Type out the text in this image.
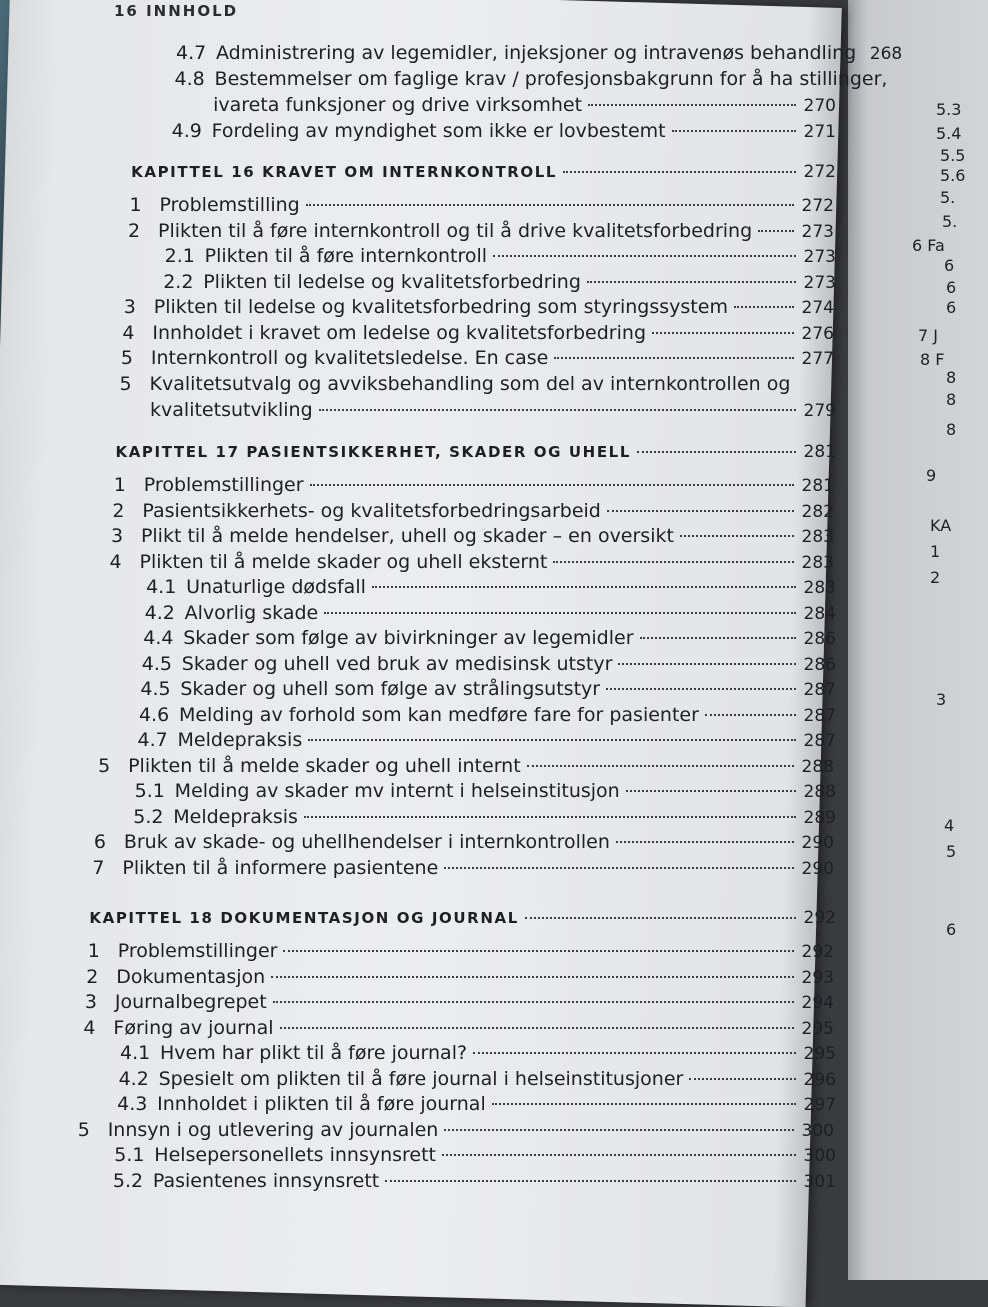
16 INNHOLD
4.7 Administrering av legemidler, injeksjoner og intravenøs behandling 268
4.8 Bestemmelser om faglige krav / profesjonsbakgrunn for å ha stillinger,
ivareta funksjoner og drive virksomhet	270
4.9 Fordeling av myndighet som ikke er lovbestemt	271
KAPITTEL 16 KRAVET OM INTERNKONTROLL	272
1 Problemstilling	272
2 Plikten til å føre internkontroll og til å drive kvalitetsforbedring	273
2.1 Plikten til å føre internkontroll	273
2.2 Plikten til ledelse og kvalitetsforbedring	273
3 Plikten til ledelse og kvalitetsforbedring som styringssystem	274
4 Innholdet i kravet om ledelse og kvalitetsforbedring	276
5 Internkontroll og kvalitetsledelse. En case	277
5 Kvalitetsutvalg og avviksbehandling som del av internkontrollen og
kvalitetsutvikling	279
KAPITTEL 17 PASIENTSIKKERHET, SKADER OG UHELL	281
1 Problemstillinger	281
2 Pasientsikkerhets- og kvalitetsforbedringsarbeid	282
3 Plikt til å melde hendelser, uhell og skader – en oversikt	283
4 Plikten til å melde skader og uhell eksternt	283
4.1 Unaturlige dødsfall	283
4.2 Alvorlig skade	284
4.4 Skader som følge av bivirkninger av legemidler	286
4.5 Skader og uhell ved bruk av medisinsk utstyr	286
4.5 Skader og uhell som følge av strålingsutstyr	287
4.6 Melding av forhold som kan medføre fare for pasienter	287
4.7 Meldepraksis	287
5 Plikten til å melde skader og uhell internt	288
5.1 Melding av skader mv internt i helseinstitusjon	288
5.2 Meldepraksis	289
6 Bruk av skade- og uhellhendelser i internkontrollen	290
7 Plikten til å informere pasientene	290
KAPITTEL 18 DOKUMENTASJON OG JOURNAL	292
1 Problemstillinger	292
2 Dokumentasjon	293
3 Journalbegrepet	294
4 Føring av journal	295
4.1 Hvem har plikt til å føre journal?	295
4.2 Spesielt om plikten til å føre journal i helseinstitusjoner	296
4.3 Innholdet i plikten til å føre journal	297
5 Innsyn i og utlevering av journalen	300
5.1 Helsepersonellets innsynsrett	300
5.2 Pasientenes innsynsrett	301
5.3
5.4
5.5
5.6
5.
5.
6 Fa
6
6
6
7 J
8 F
8
8
8
9
KA
1
2
3
4
5
6
